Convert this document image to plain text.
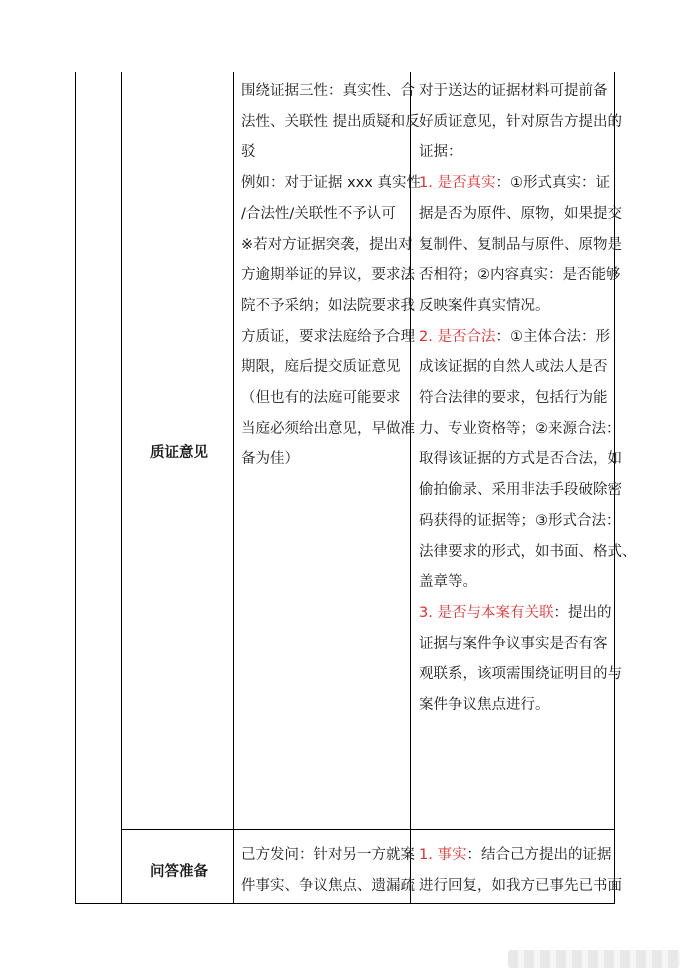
质证意见

围绕证据三性：真实性、合

法性、关联性 提出质疑和反

驳

例如：对于证据 xxx 真实性

/合法性/关联性不予认可

※若对方证据突袭，提出对

方逾期举证的异议，要求法

院不予采纳；如法院要求我

方质证，要求法庭给予合理

期限，庭后提交质证意见

（但也有的法庭可能要求

当庭必须给出意见，早做准

备为佳）

对于送达的证据材料可提前备

好质证意见，针对原告方提出的

证据：

1. 是否真实：①形式真实：证

据是否为原件、原物，如果提交

复制件、复制品与原件、原物是

否相符；②内容真实：是否能够

反映案件真实情况。

2. 是否合法：①主体合法：形

成该证据的自然人或法人是否

符合法律的要求，包括行为能

力、专业资格等；②来源合法：

取得该证据的方式是否合法，如

偷拍偷录、采用非法手段破除密

码获得的证据等；③形式合法：

法律要求的形式，如书面、格式、

盖章等。

3. 是否与本案有关联：提出的

证据与案件争议事实是否有客

观联系，该项需围绕证明目的与

案件争议焦点进行。

问答准备

己方发问：针对另一方就案

件事实、争议焦点、遗漏疏

1. 事实：结合己方提出的证据

进行回复，如我方已事先已书面
